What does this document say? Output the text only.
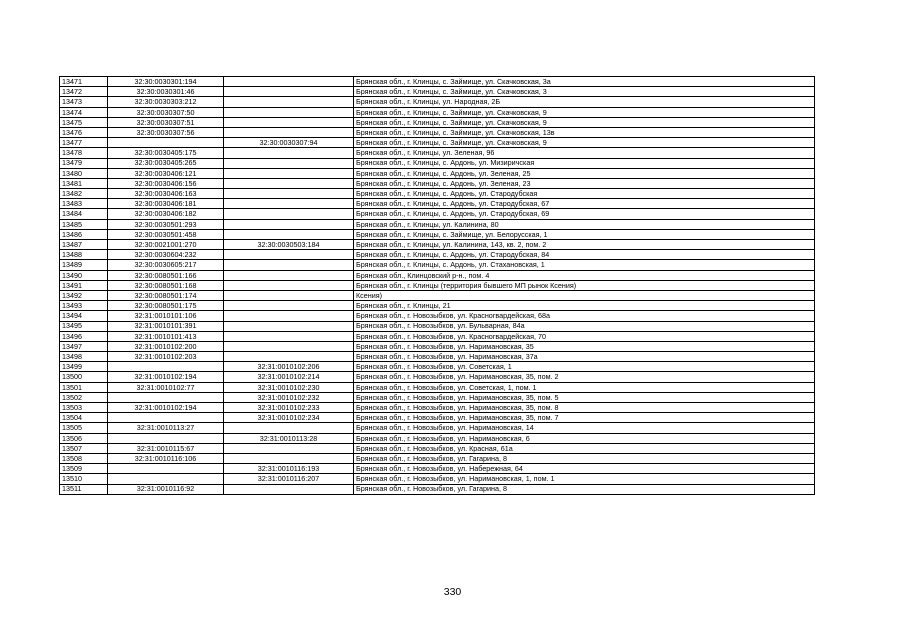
13471	32:30:0030301:194		Брянская обл., г. Клинцы, с. Займище, ул. Скачковская, 3а
13472	32:30:0030301:46		Брянская обл., г. Клинцы, с. Займище, ул. Скачковская, 3
13473	32:30:0030303:212		Брянская обл., г. Клинцы, ул. Народная, 2Б
13474	32:30:0030307:50		Брянская обл., г. Клинцы, с. Займище, ул. Скачковская, 9
13475	32:30:0030307:51		Брянская обл., г. Клинцы, с. Займище, ул. Скачковская, 9
13476	32:30:0030307:56		Брянская обл., г. Клинцы, с. Займище, ул. Скачковская, 13в
13477		32:30:0030307:94	Брянская обл., г. Клинцы, с. Займище, ул. Скачковская, 9
13478	32:30:0030405:175		Брянская обл., г. Клинцы, ул. Зеленая, 96
13479	32:30:0030405:265		Брянская обл., г. Клинцы, с. Ардонь, ул. Мизиричская
13480	32:30:0030406:121		Брянская обл., г. Клинцы, с. Ардонь, ул. Зеленая, 25
13481	32:30:0030406:156		Брянская обл., г. Клинцы, с. Ардонь, ул. Зеленая, 23
13482	32:30:0030406:163		Брянская обл., г. Клинцы, с. Ардонь, ул. Стародубская
13483	32:30:0030406:181		Брянская обл., г. Клинцы, с. Ардонь, ул. Стародубская, 67
13484	32:30:0030406:182		Брянская обл., г. Клинцы, с. Ардонь, ул. Стародубская, 69
13485	32:30:0030501:293		Брянская обл., г. Клинцы, ул. Калинина, 80
13486	32:30:0030501:458		Брянская обл., г. Клинцы, с. Займище, ул. Белорусская, 1
13487	32:30:0021001:270	32:30:0030503:184	Брянская обл., г. Клинцы, ул. Калинина, 143, кв. 2, пом. 2
13488	32:30:0030604:232		Брянская обл., г. Клинцы, с. Ардонь, ул. Стародубская, 84
13489	32:30:0030605:217		Брянская обл., г. Клинцы, с. Ардонь, ул. Стахановская, 1
13490	32:30:0080501:166		Брянская обл., Клинцовский р-н., пом. 4
13491	32:30:0080501:168		Брянская обл., г. Клинцы (территория бывшего МП рынок Ксения)
13492	32:30:0080501:174		Ксения)
13493	32:30:0080501:175		Брянская обл., г. Клинцы, 21
13494	32:31:0010101:106		Брянская обл., г. Новозыбков, ул. Красногвардейская, 68а
13495	32:31:0010101:391		Брянская обл., г. Новозыбков, ул. Бульварная, 84а
13496	32:31:0010101:413		Брянская обл., г. Новозыбков, ул. Красногвардейская, 70
13497	32:31:0010102:200		Брянская обл., г. Новозыбков, ул. Наримановская, 35
13498	32:31:0010102:203		Брянская обл., г. Новозыбков, ул. Наримановская, 37а
13499		32:31:0010102:206	Брянская обл., г. Новозыбков, ул. Советская, 1
13500	32:31:0010102:194	32:31:0010102:214	Брянская обл., г. Новозыбков, ул. Наримановская, 35, пом. 2
13501	32:31:0010102:77	32:31:0010102:230	Брянская обл., г. Новозыбков, ул. Советская, 1, пом. 1
13502		32:31:0010102:232	Брянская обл., г. Новозыбков, ул. Наримановская, 35, пом. 5
13503	32:31:0010102:194	32:31:0010102:233	Брянская обл., г. Новозыбков, ул. Наримановская, 35, пом. 8
13504		32:31:0010102:234	Брянская обл., г. Новозыбков, ул. Наримановская, 35, пом. 7
13505	32:31:0010113:27		Брянская обл., г. Новозыбков, ул. Наримановская, 14
13506		32:31:0010113:28	Брянская обл., г. Новозыбков, ул. Наримановская, 6
13507	32:31:0010115:67		Брянская обл., г. Новозыбков, ул. Красная, 61а
13508	32:31:0010116:106		Брянская обл., г. Новозыбков, ул. Гагарина, 8
13509		32:31:0010116:193	Брянская обл., г. Новозыбков, ул. Набережная, 64
13510		32:31:0010116:207	Брянская обл., г. Новозыбков, ул. Наримановская, 1, пом. 1
13511	32:31:0010116:92		Брянская обл., г. Новозыбков, ул. Гагарина, 8
330
